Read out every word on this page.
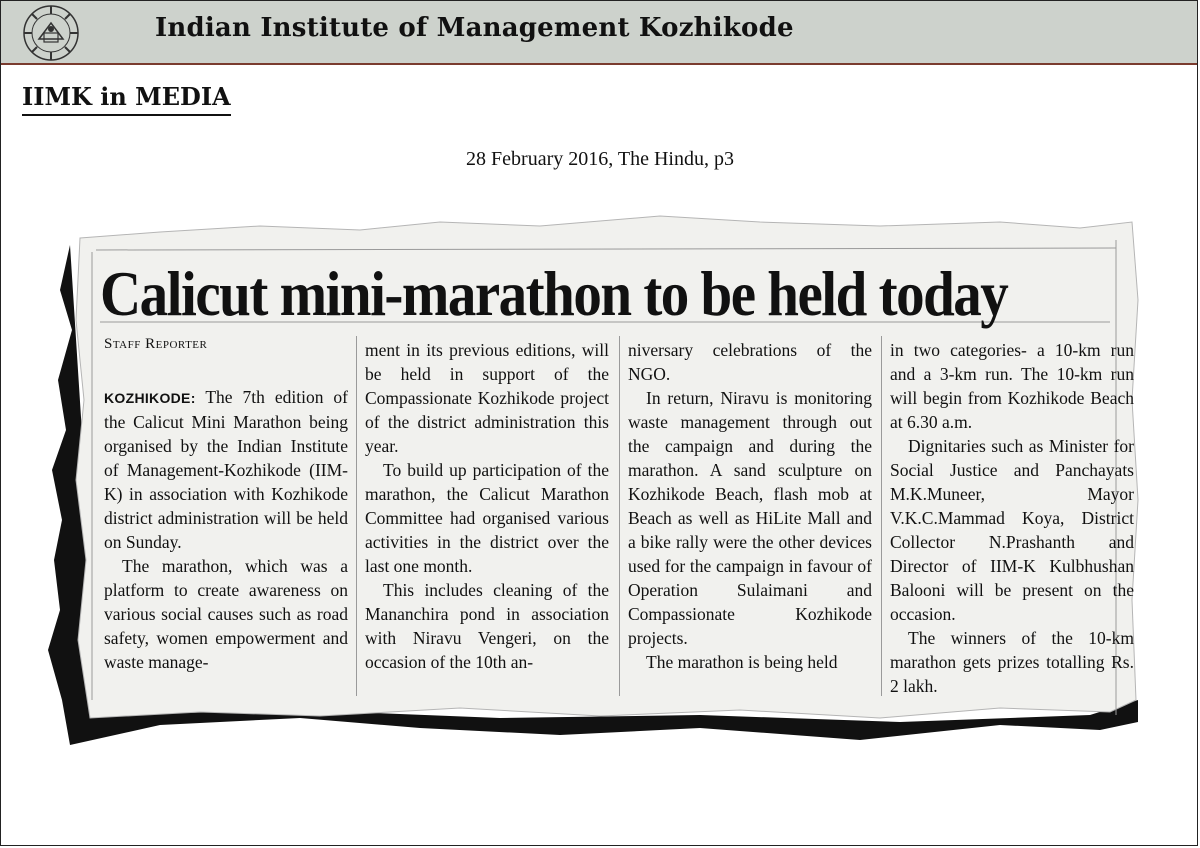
Indian Institute of Management Kozhikode
IIMK in MEDIA
28 February 2016, The Hindu, p3
Calicut mini-marathon to be held today
Staff Reporter

KOZHIKODE: The 7th edition of the Calicut Mini Marathon being organised by the Indian Institute of Management-Kozhikode (IIM-K) in association with Kozhikode district administration will be held on Sunday.

The marathon, which was a platform to create awareness on various social causes such as road safety, women empowerment and waste manage-

ment in its previous editions, will be held in support of the Compassionate Kozhikode project of the district administration this year.

To build up participation of the marathon, the Calicut Marathon Committee had organised various activities in the district over the last one month.

This includes cleaning of the Mananchira pond in association with Niravu Vengeri, on the occasion of the 10th an-

niversary celebrations of the NGO.

In return, Niravu is monitoring waste management through out the campaign and during the marathon. A sand sculpture on Kozhikode Beach, flash mob at Beach as well as HiLite Mall and a bike rally were the other devices used for the campaign in favour of Operation Sulaimani and Compassionate Kozhikode projects.

The marathon is being held

in two categories- a 10-km run and a 3-km run. The 10-km run will begin from Kozhikode Beach at 6.30 a.m.

Dignitaries such as Minister for Social Justice and Panchayats M.K.Muneer, Mayor V.K.C.Mammad Koya, District Collector N.Prashanth and Director of IIM-K Kulbhushan Balooni will be present on the occasion.

The winners of the 10-km marathon gets prizes totalling Rs. 2 lakh.
